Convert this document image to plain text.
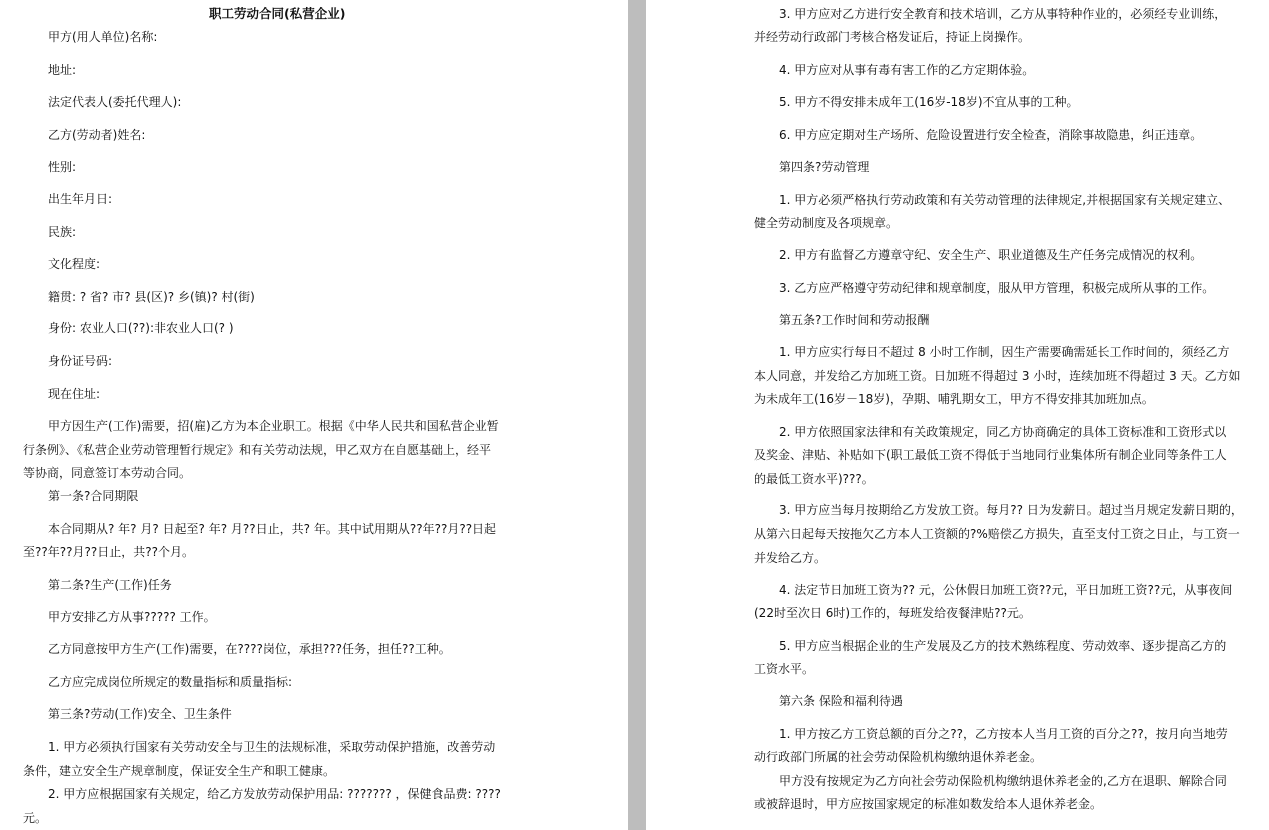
职工劳动合同(私营企业)
甲方(用人单位)名称:
地址:
法定代表人(委托代理人):
乙方(劳动者)姓名:
性别:
出生年月日:
民族:
文化程度:
籍贯: ? 省? 市? 县(区)? 乡(镇)? 村(街)
身份: 农业人口(??):非农业人口(? )
身份证号码:
现在住址:
甲方因生产(工作)需要，招(雇)乙方为本企业职工。根据《中华人民共和国私营企业暂
行条例》、《私营企业劳动管理暂行规定》和有关劳动法规，甲乙双方在自愿基础上，经平
等协商，同意签订本劳动合同。
第一条?合同期限
本合同期从? 年? 月? 日起至? 年? 月??日止，共? 年。其中试用期从??年??月??日起
至??年??月??日止，共??个月。
第二条?生产(工作)任务
甲方安排乙方从事????? 工作。
乙方同意按甲方生产(工作)需要，在????岗位，承担???任务，担任??工种。
乙方应完成岗位所规定的数量指标和质量指标:
第三条?劳动(工作)安全、卫生条件
1. 甲方必须执行国家有关劳动安全与卫生的法规标准，采取劳动保护措施，改善劳动
条件，建立安全生产规章制度，保证安全生产和职工健康。
2. 甲方应根据国家有关规定，给乙方发放劳动保护用品: ??????? ，保健食品费: ????
元。
3. 甲方应对乙方进行安全教育和技术培训，乙方从事特种作业的，必须经专业训练，
并经劳动行政部门考核合格发证后，持证上岗操作。
4. 甲方应对从事有毒有害工作的乙方定期体验。
5. 甲方不得安排未成年工(16岁-18岁)不宜从事的工种。
6. 甲方应定期对生产场所、危险设置进行安全检查，消除事故隐患，纠正违章。
第四条?劳动管理
1. 甲方必须严格执行劳动政策和有关劳动管理的法律规定,并根据国家有关规定建立、
健全劳动制度及各项规章。
2. 甲方有监督乙方遵章守纪、安全生产、职业道德及生产任务完成情况的权利。
3. 乙方应严格遵守劳动纪律和规章制度，服从甲方管理，积极完成所从事的工作。
第五条?工作时间和劳动报酬
1. 甲方应实行每日不超过 8 小时工作制，因生产需要确需延长工作时间的，须经乙方
本人同意，并发给乙方加班工资。日加班不得超过 3 小时，连续加班不得超过 3 天。乙方如
为未成年工(16岁－18岁)，孕期、哺乳期女工，甲方不得安排其加班加点。
2. 甲方依照国家法律和有关政策规定，同乙方协商确定的具体工资标准和工资形式以
及奖金、津贴、补贴如下(职工最低工资不得低于当地同行业集体所有制企业同等条件工人
的最低工资水平)???。
3. 甲方应当每月按期给乙方发放工资。每月?? 日为发薪日。超过当月规定发薪日期的，
从第六日起每天按拖欠乙方本人工资额的?%赔偿乙方损失，直至支付工资之日止，与工资一
并发给乙方。
4. 法定节日加班工资为?? 元，公休假日加班工资??元，平日加班工资??元，从事夜间
(22时至次日 6时)工作的，每班发给夜餐津贴??元。
5. 甲方应当根据企业的生产发展及乙方的技术熟练程度、劳动效率、逐步提高乙方的
工资水平。
第六条 保险和福利待遇
1. 甲方按乙方工资总额的百分之??，乙方按本人当月工资的百分之??，按月向当地劳
动行政部门所属的社会劳动保险机构缴纳退休养老金。
甲方没有按规定为乙方向社会劳动保险机构缴纳退休养老金的,乙方在退职、解除合同
或被辞退时，甲方应按国家规定的标准如数发给本人退休养老金。
